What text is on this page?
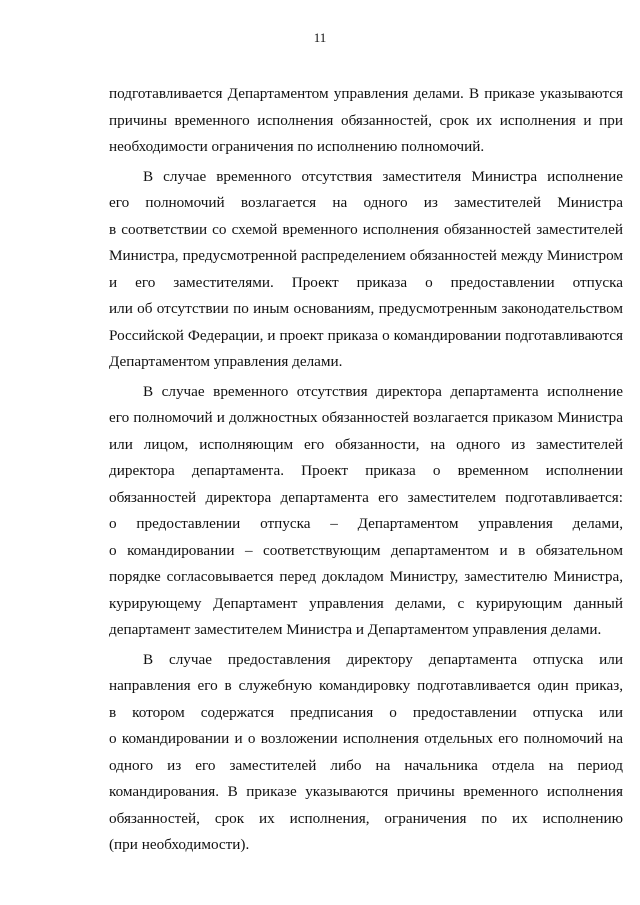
11
подготавливается Департаментом управления делами. В приказе указываются
причины временного исполнения обязанностей, срок их исполнения и при
необходимости ограничения по исполнению полномочий.
В случае временного отсутствия заместителя Министра исполнение
его полномочий возлагается на одного из заместителей Министра
в соответствии со схемой временного исполнения обязанностей заместителей
Министра, предусмотренной распределением обязанностей между Министром
и его заместителями. Проект приказа о предоставлении отпуска
или об отсутствии по иным основаниям, предусмотренным законодательством
Российской Федерации, и проект приказа о командировании подготавливаются
Департаментом управления делами.
В случае временного отсутствия директора департамента исполнение
его полномочий и должностных обязанностей возлагается приказом Министра
или лицом, исполняющим его обязанности, на одного из заместителей
директора департамента. Проект приказа о временном исполнении
обязанностей директора департамента его заместителем подготавливается:
о предоставлении отпуска – Департаментом управления делами,
о командировании – соответствующим департаментом и в обязательном
порядке согласовывается перед докладом Министру, заместителю Министра,
курирующему Департамент управления делами, с курирующим данный
департамент заместителем Министра и Департаментом управления делами.
В случае предоставления директору департамента отпуска или
направления его в служебную командировку подготавливается один приказ,
в котором содержатся предписания о предоставлении отпуска или
о командировании и о возложении исполнения отдельных его полномочий на
одного из его заместителей либо на начальника отдела на период
командирования. В приказе указываются причины временного исполнения
обязанностей, срок их исполнения, ограничения по их исполнению
(при необходимости).
